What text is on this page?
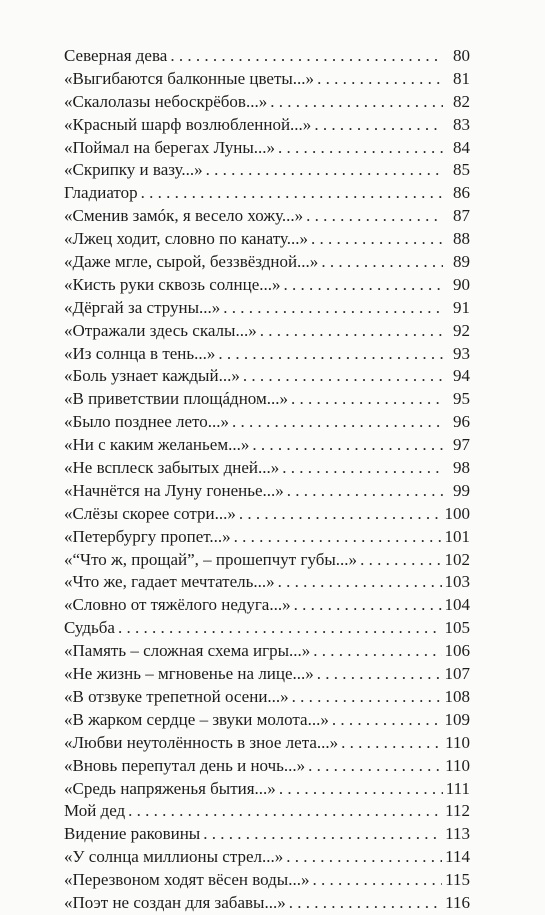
Северная дева . . .	80
«Выгибаются балконные цветы...» . . .	81
«Скалолазы небоскрёбов...» . . .	82
«Красный шарф возлюбленной...» . . .	83
«Поймал на берегах Луны...» . . .	84
«Скрипку и вазу...» . . .	85
Гладиатор . . .	86
«Сменив замóк, я весело хожу...» . . .	87
«Лжец ходит, словно по канату...» . . .	88
«Даже мгле, сырой, беззвёздной...» . . .	89
«Кисть руки сквозь солнце...» . . .	90
«Дёргай за струны...» . . .	91
«Отражали здесь скалы...» . . .	92
«Из солнца в тень...» . . .	93
«Боль узнает каждый...» . . .	94
«В приветствии площáдном...» . . .	95
«Было позднее лето...» . . .	96
«Ни с каким желаньем...» . . .	97
«Не всплеск забытых дней...» . . .	98
«Начнётся на Луну гоненье...» . . .	99
«Слёзы скорее сотри...» . . .	100
«Петербургу пропет...» . . .	101
«“Что ж, прощай”, – прошепчут губы...» . . .	102
«Что же, гадает мечтатель...» . . .	103
«Словно от тяжёлого недуга...» . . .	104
Судьба . . .	105
«Память – сложная схема игры...» . . .	106
«Не жизнь – мгновенье на лице...» . . .	107
«В отзвуке трепетной осени...» . . .	108
«В жарком сердце – звуки молота...» . . .	109
«Любви неутолённость в зное лета...» . . .	110
«Вновь перепутал день и ночь...» . . .	110
«Средь напряженья бытия...» . . .	111
Мой дед . . .	112
Видение раковины . . .	113
«У солнца миллионы стрел...» . . .	114
«Перезвоном ходят вёсен воды...» . . .	115
«Поэт не создан для забавы...» . . .	116
